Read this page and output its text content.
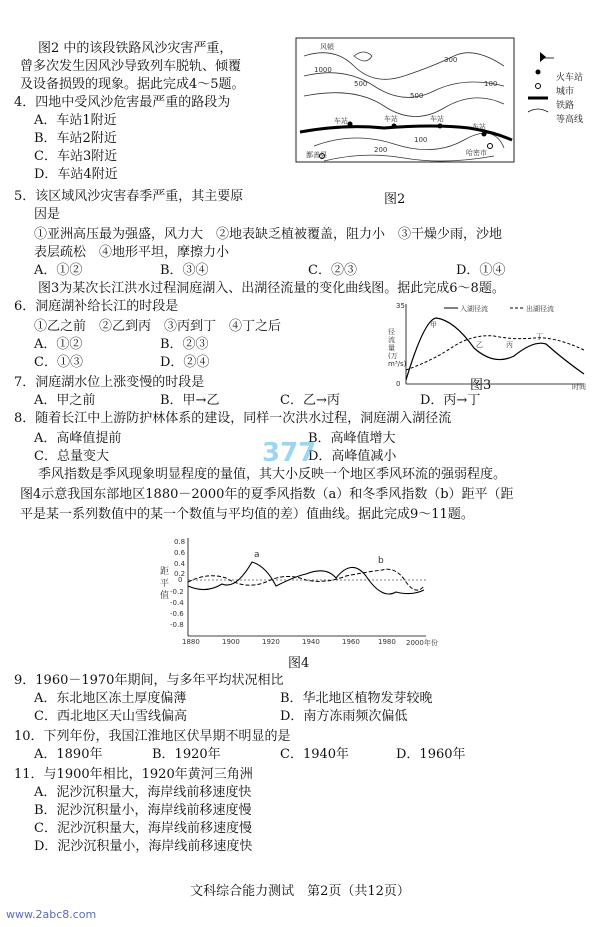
图2 中的该段铁路风沙灾害严重，
曾多次发生因风沙导致列车脱轨、倾覆
及设备损毁的现象。据此完成4～5题。
4．四地中受风沙危害最严重的路段为
A．车站1附近
B．车站2附近
C．车站3附近
D．车站4附近
火车站
城市
铁路
等高线
风頓
车站	车站	车站
车站
哈密市
鄯善县
1000
500
500
100
200
100
300
图2
5．该区域风沙灾害春季严重，其主要原
因是
①亚洲高压最为强盛，风力大　②地表缺乏植被覆盖，阻力小　③干燥少雨，沙地
表层疏松　④地形平坦，摩擦力小
A．①②	B．③④	C．②③	D．①④
图3为某次长江洪水过程洞庭湖入、出湖径流量的变化曲线图。据此完成6～8题。
6．洞庭湖补给长江的时段是
①乙之前　②乙到丙　③丙到丁　④丁之后
A．①②	B．②③
C．①③	D．②④
入湖径流	出湖径流
径流量(万m³/s)
时间
甲
乙	丙
丁
35
0	图3
7．洞庭湖水位上涨变慢的时段是
A．甲之前	B．甲→乙	C．乙→丙	D．丙→丁
8．随着长江中上游防护林体系的建设，同样一次洪水过程，洞庭湖入湖径流
A．高峰值提前	B．高峰值增大
C．总量变大	D．高峰值减小
377
季风指数是季风现象明显程度的量值，其大小反映一个地区季风环流的强弱程度。
图4示意我国东部地区1880－2000年的夏季风指数（a）和冬季风指数（b）距平（距
平是某一系列数值中的某一个数值与平均值的差）值曲线。据此完成9～11题。
距平值
a
b
0.8
0.6
0.4
0.2
0
-0.2
-0.4
-0.6
-0.8
1880	1900	1920	1940	1960	1980 2000年份
图4
9．1960－1970年期间，与多年平均状况相比
A．东北地区冻土厚度偏薄	B．华北地区植物发芽较晚
C．西北地区天山雪线偏高	D．南方冻雨频次偏低
10．下列年份，我国江淮地区伏旱期不明显的是
A．1890年	B．1920年	C．1940年	D．1960年
11．与1900年相比，1920年黄河三角洲
A．泥沙沉积量大，海岸线前移速度快
B．泥沙沉积量小，海岸线前移速度慢
C．泥沙沉积量大，海岸线前移速度慢
D．泥沙沉积量小，海岸线前移速度快
文科综合能力测试　第2页（共12页）
www.2abc8.com
